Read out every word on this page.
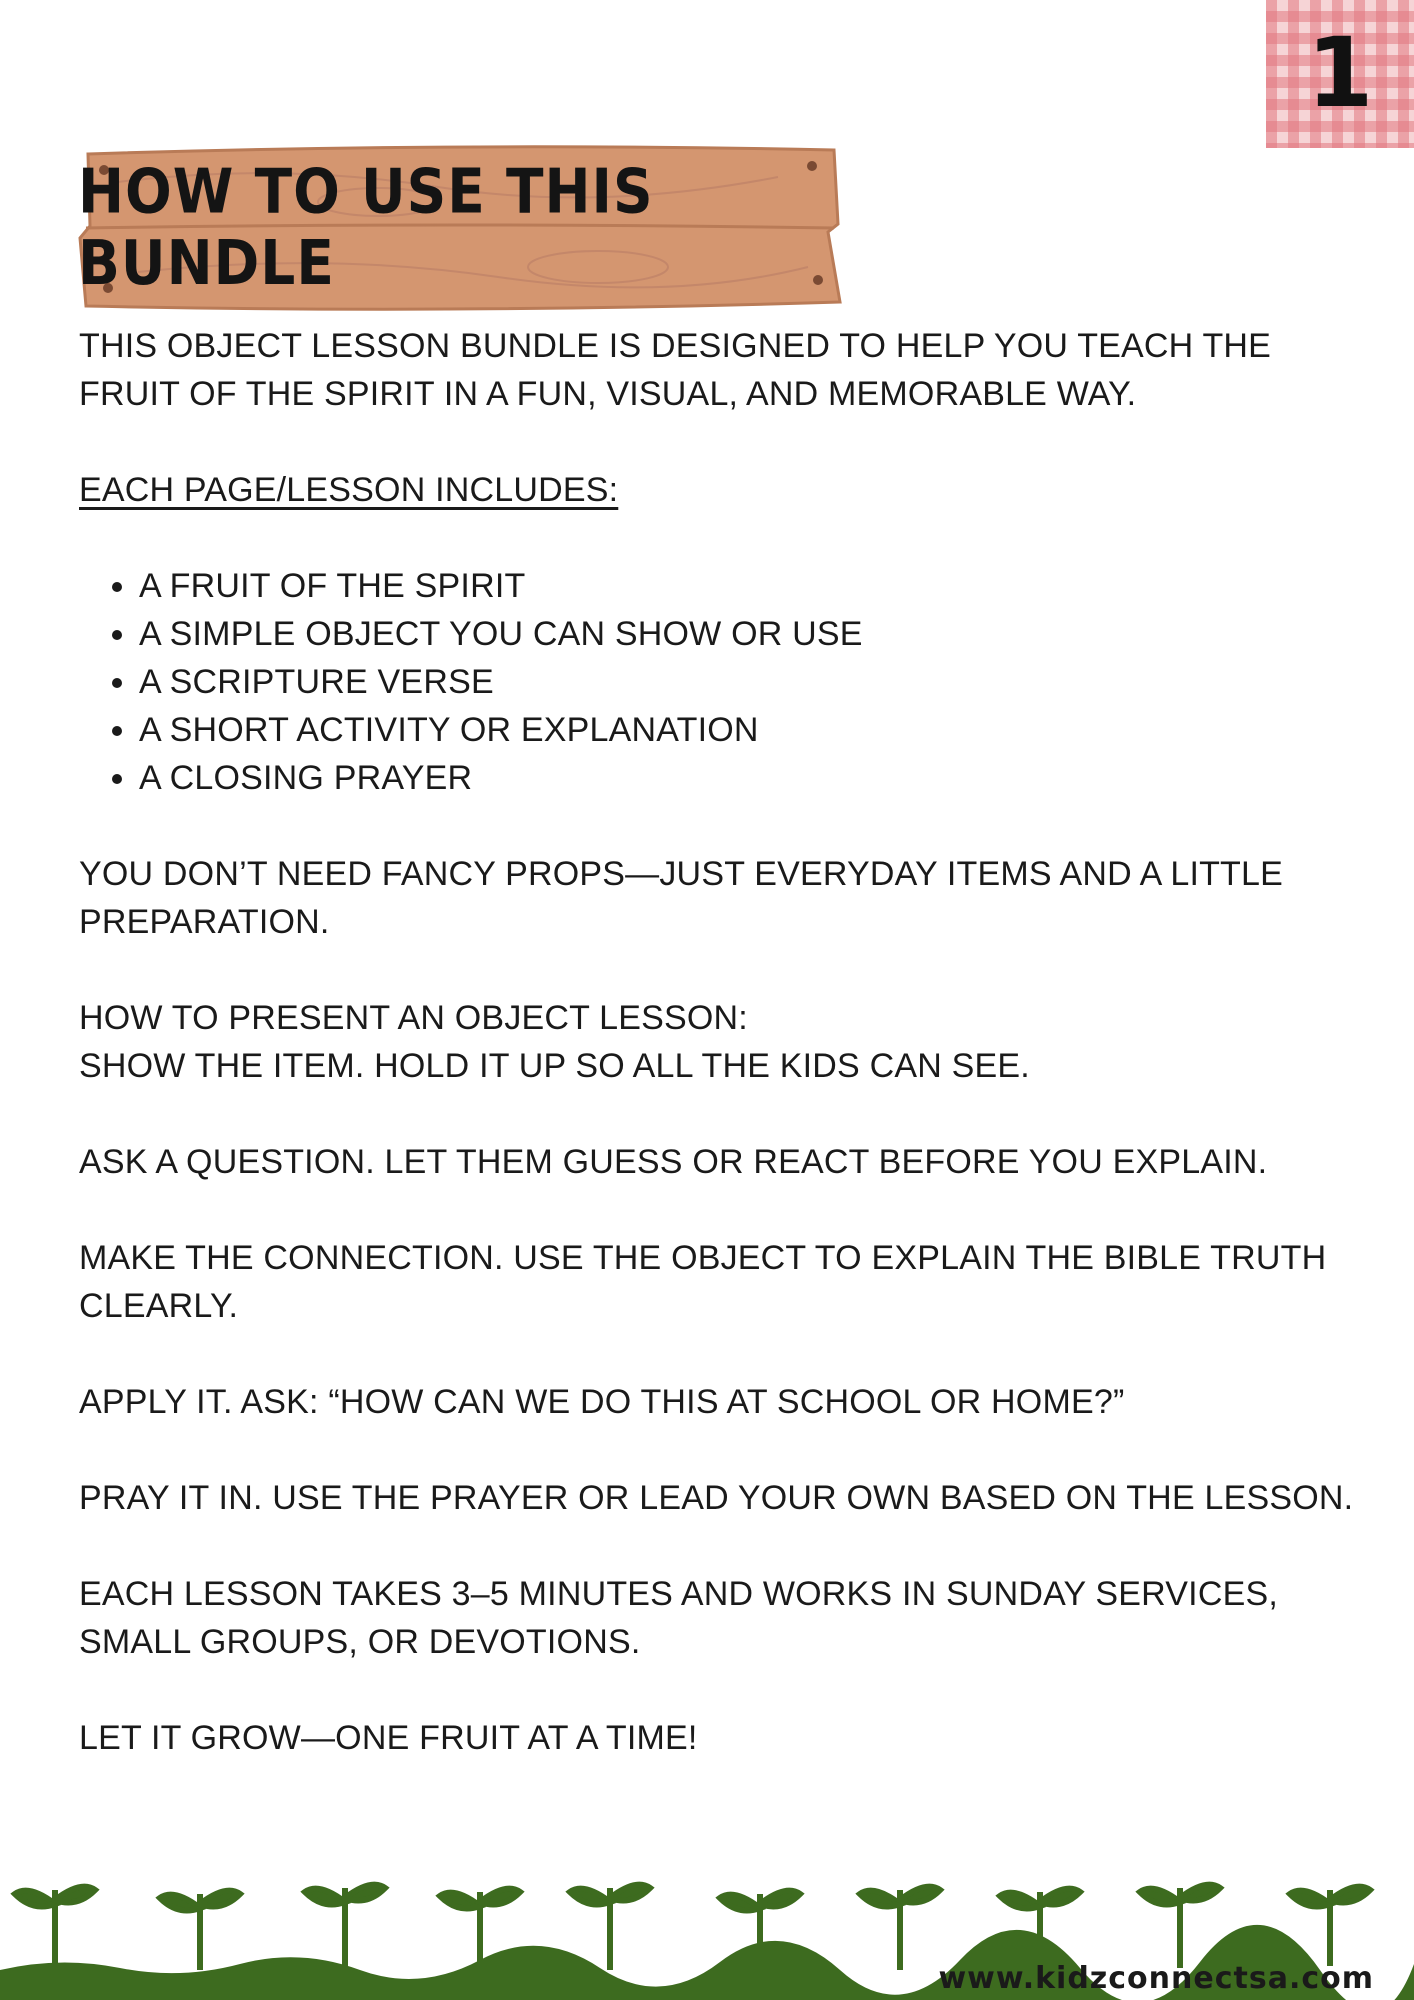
1
HOW TO USE THIS BUNDLE

THIS OBJECT LESSON BUNDLE IS DESIGNED TO HELP YOU TEACH THE FRUIT OF THE SPIRIT IN A FUN, VISUAL, AND MEMORABLE WAY.

EACH PAGE/LESSON INCLUDES:

• A FRUIT OF THE SPIRIT
• A SIMPLE OBJECT YOU CAN SHOW OR USE
• A SCRIPTURE VERSE
• A SHORT ACTIVITY OR EXPLANATION
• A CLOSING PRAYER

YOU DON’T NEED FANCY PROPS—JUST EVERYDAY ITEMS AND A LITTLE PREPARATION.

HOW TO PRESENT AN OBJECT LESSON:

SHOW THE ITEM. HOLD IT UP SO ALL THE KIDS CAN SEE.

ASK A QUESTION. LET THEM GUESS OR REACT BEFORE YOU EXPLAIN.

MAKE THE CONNECTION. USE THE OBJECT TO EXPLAIN THE BIBLE TRUTH CLEARLY.

APPLY IT. ASK: “HOW CAN WE DO THIS AT SCHOOL OR HOME?”

PRAY IT IN. USE THE PRAYER OR LEAD YOUR OWN BASED ON THE LESSON.

EACH LESSON TAKES 3–5 MINUTES AND WORKS IN SUNDAY SERVICES, SMALL GROUPS, OR DEVOTIONS.

LET IT GROW—ONE FRUIT AT A TIME!

www.kidzconnectsa.com
